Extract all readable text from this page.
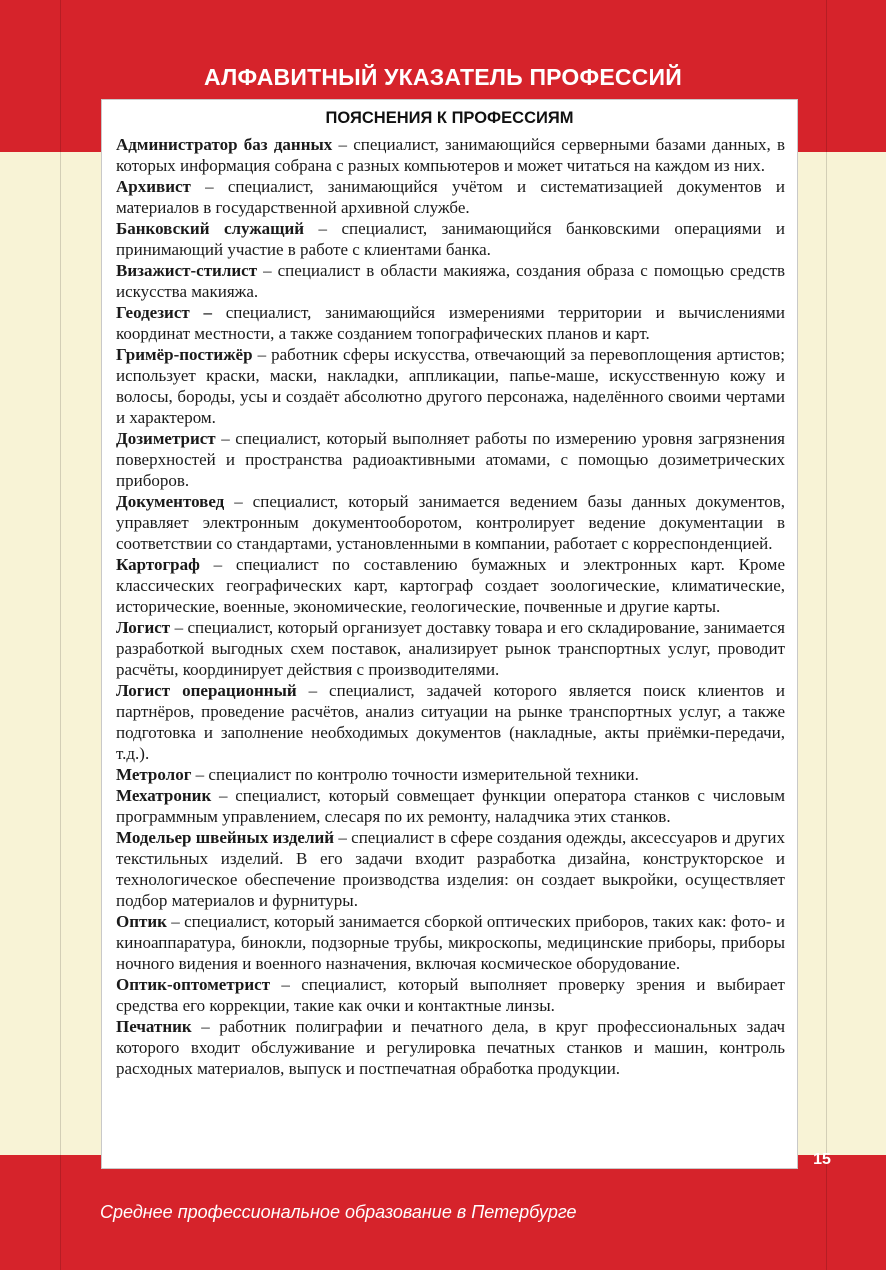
АЛФАВИТНЫЙ УКАЗАТЕЛЬ ПРОФЕССИЙ
ПОЯСНЕНИЯ К ПРОФЕССИЯМ
Администратор баз данных – специалист, занимающийся серверными базами данных, в которых информация собрана с разных компьютеров и может читаться на каждом из них.
Архивист – специалист, занимающийся учётом и систематизацией документов и материалов в государственной архивной службе.
Банковский служащий – специалист, занимающийся банковскими операциями и принимающий участие в работе с клиентами банка.
Визажист-стилист – специалист в области макияжа, создания образа с помощью средств искусства макияжа.
Геодезист – специалист, занимающийся измерениями территории и вычислениями координат местности, а также созданием топографических планов и карт.
Гримёр-постижёр – работник сферы искусства, отвечающий за перевоплощения артистов; использует краски, маски, накладки, аппликации, папье-маше, искусственную кожу и волосы, бороды, усы и создаёт абсолютно другого персонажа, наделённого своими чертами и характером.
Дозиметрист – специалист, который выполняет работы по измерению уровня загрязнения поверхностей и пространства радиоактивными атомами, с помощью дозиметрических приборов.
Документовед – специалист, который занимается ведением базы данных документов, управляет электронным документооборотом, контролирует ведение документации в соответствии со стандартами, установленными в компании, работает с корреспонденцией.
Картограф – специалист по составлению бумажных и электронных карт. Кроме классических географических карт, картограф создает зоологические, климатические, исторические, военные, экономические, геологические, почвенные и другие карты.
Логист – специалист, который организует доставку товара и его складирование, занимается разработкой выгодных схем поставок, анализирует рынок транспортных услуг, проводит расчёты, координирует действия с производителями.
Логист операционный – специалист, задачей которого является поиск клиентов и партнёров, проведение расчётов, анализ ситуации на рынке транспортных услуг, а также подготовка и заполнение необходимых документов (накладные, акты приёмки-передачи, т.д.).
Метролог – специалист по контролю точности измерительной техники.
Мехатроник – специалист, который совмещает функции оператора станков с числовым программным управлением, слесаря по их ремонту, наладчика этих станков.
Модельер швейных изделий – специалист в сфере создания одежды, аксессуаров и других текстильных изделий. В его задачи входит разработка дизайна, конструкторское и технологическое обеспечение производства изделия: он создает выкройки, осуществляет подбор материалов и фурнитуры.
Оптик – специалист, который занимается сборкой оптических приборов, таких как: фото- и киноаппаратура, бинокли, подзорные трубы, микроскопы, медицинские приборы, приборы ночного видения и военного назначения, включая космическое оборудование.
Оптик-оптометрист – специалист, который выполняет проверку зрения и выбирает средства его коррекции, такие как очки и контактные линзы.
Печатник – работник полиграфии и печатного дела, в круг профессиональных задач которого входит обслуживание и регулировка печатных станков и машин, контроль расходных материалов, выпуск и постпечатная обработка продукции.
15
Среднее профессиональное образование в Петербурге
